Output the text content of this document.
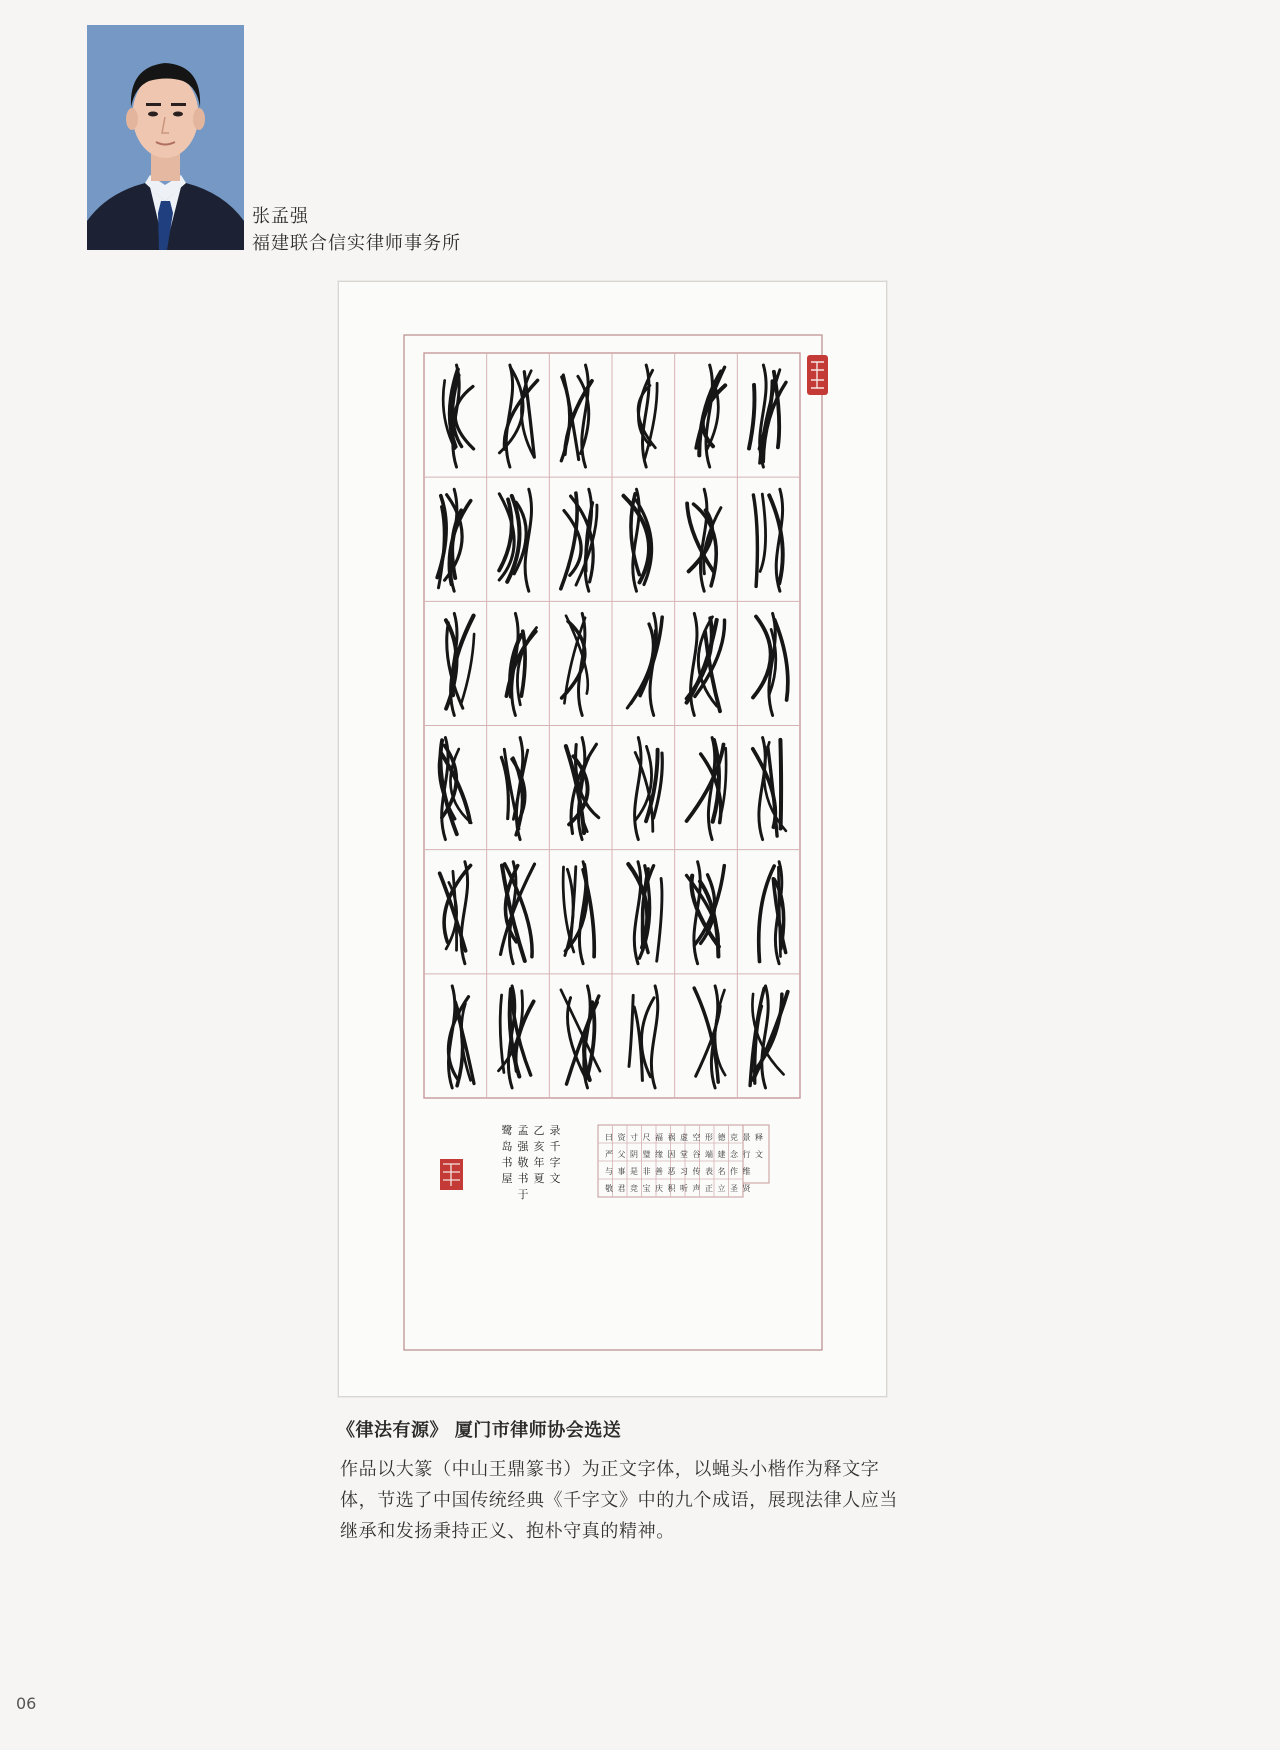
张孟强
福建联合信实律师事务所
释
文
景
行
维
贤
克
念
作
圣
德
建
名
立
形
端
表
正
空
谷
传
声
虚
堂
习
听
祸
因
恶
积
福
缘
善
庆
尺
璧
非
宝
寸
阴
是
竞
资
父
事
君
曰
严
与
敬
录
千
字
文
乙
亥
年
夏
孟
强
敬
书
于
鹭
岛
书
屋
《律法有源》 厦门市律师协会选送
作品以大篆（中山王鼎篆书）为正文字体，以蝇头小楷作为释文字体，节选了中国传统经典《千字文》中的九个成语，展现法律人应当继承和发扬秉持正义、抱朴守真的精神。
06
